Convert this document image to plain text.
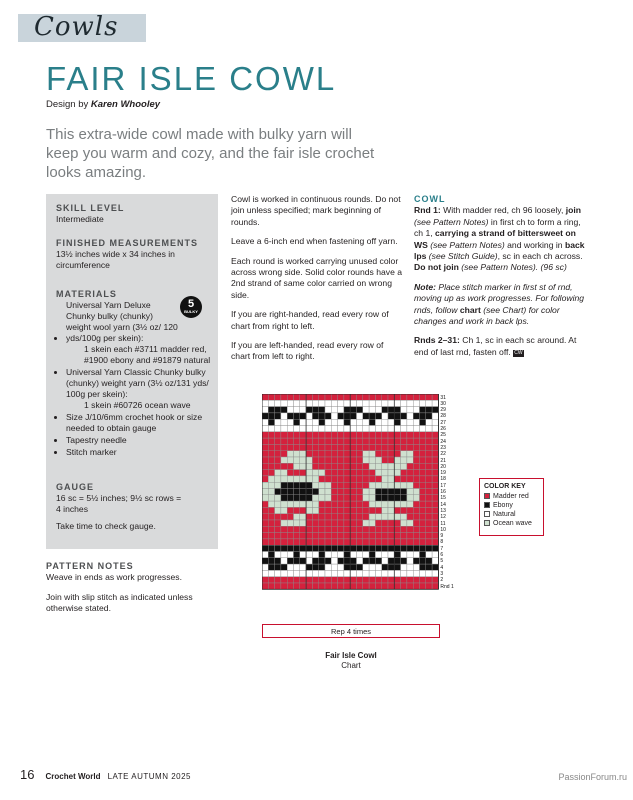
Cowls
FAIR ISLE COWL
Design by Karen Whooley
This extra-wide cowl made with bulky yarn will keep you warm and cozy, and the fair isle crochet looks amazing.
SKILL LEVEL
Intermediate
FINISHED MEASUREMENTS
13½ inches wide x 34 inches in circumference
MATERIALS
• Universal Yarn Deluxe Chunky bulky (chunky) weight wool yarn (3½ oz/ 120 yds/100g per skein):
1 skein each #3711 madder red, #1900 ebony and #91879 natural
• Universal Yarn Classic Chunky bulky (chunky) weight yarn (3½ oz/131 yds/ 100g per skein):
1 skein #60726 ocean wave
• Size J/10/6mm crochet hook or size needed to obtain gauge
• Tapestry needle
• Stitch marker
GAUGE
16 sc = 5½ inches; 9½ sc rows = 4 inches
Take time to check gauge.
5
BULKY
PATTERN NOTES
Weave in ends as work progresses.
Join with slip stitch as indicated unless otherwise stated.

Cowl is worked in continuous rounds. Do not join unless specified; mark beginning of rounds.

Leave a 6-inch end when fastening off yarn.

Each round is worked carrying unused color across wrong side. Solid color rounds have a 2nd strand of same color carried on wrong side.

If you are right-handed, read every row of chart from right to left.

If you are left-handed, read every row of chart from left to right.

COWL

Rnd 1: With madder red, ch 96 loosely, join (see Pattern Notes) in first ch to form a ring, ch 1, carrying a strand of bittersweet on WS (see Pattern Notes) and working in back lps (see Stitch Guide), sc in each ch across. Do not join (see Pattern Notes). (96 sc)

Note: Place stitch marker in first st of rnd, moving up as work progresses. For following rnds, follow chart (see Chart) for color changes and work in back lps.

Rnds 2–31: Ch 1, sc in each sc around. At end of last rnd, fasten off. CW

31
30
29
28
27
26
25
24
23
22
21
20
19
18
17
16
15
14
13
12
11
10
9
8
7
6
5
4
3
2
Rnd 1
Rep 4 times
Fair Isle Cowl
Chart
COLOR KEY
Madder red
Ebony
Natural
Ocean wave
16 Crochet World LATE AUTUMN 2025	PassionForum.ru
